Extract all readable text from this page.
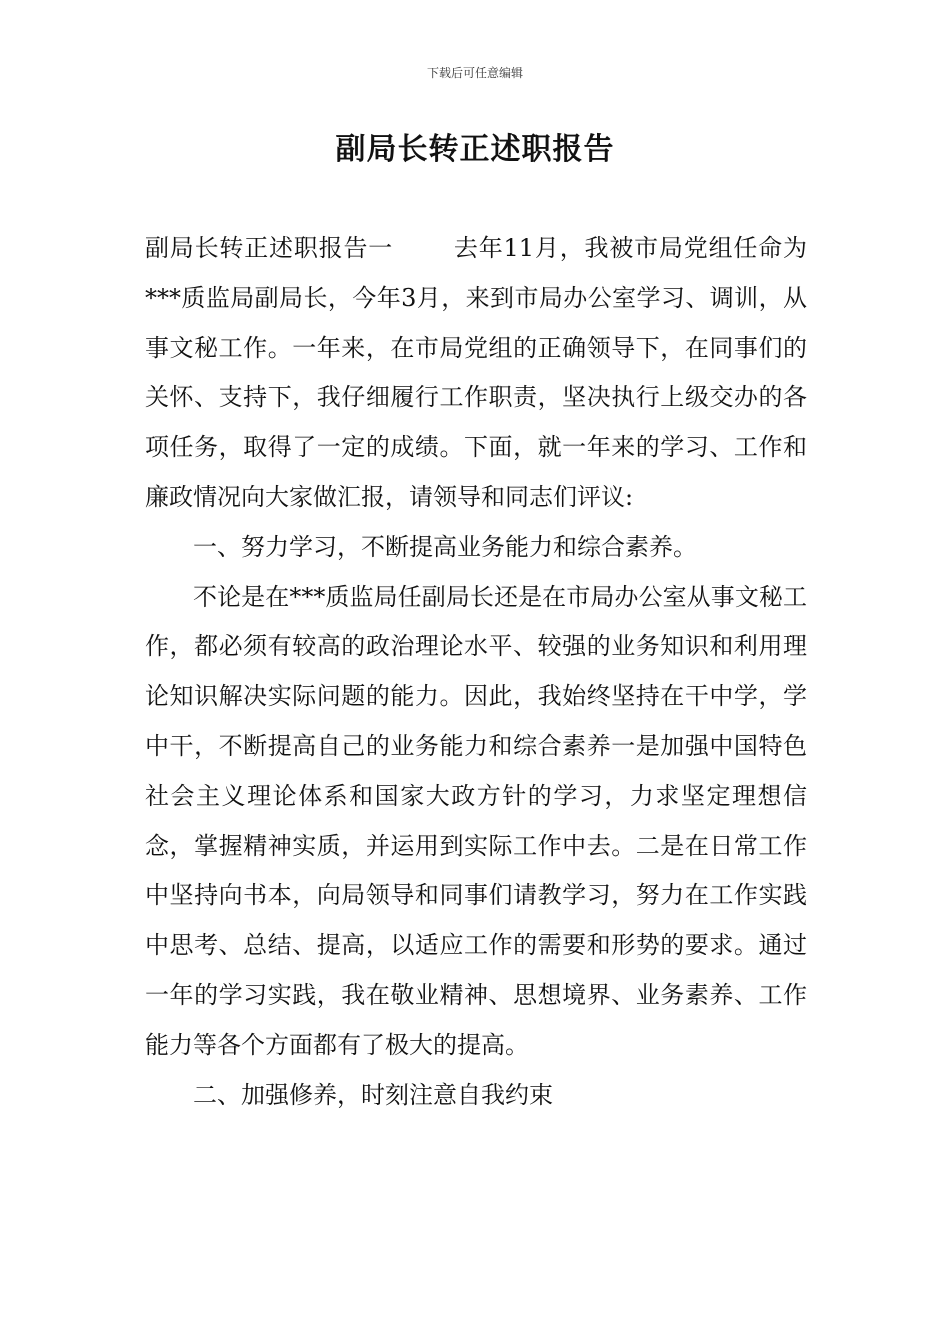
下载后可任意编辑
副局长转正述职报告

副局长转正述职报告一	去年11月，我被市局党组任命为***质监局副局长，今年3月，来到市局办公室学习、调训，从事文秘工作。一年来，在市局党组的正确领导下，在同事们的关怀、支持下，我仔细履行工作职责，坚决执行上级交办的各项任务，取得了一定的成绩。下面，就一年来的学习、工作和廉政情况向大家做汇报，请领导和同志们评议:

一、努力学习，不断提高业务能力和综合素养。

不论是在***质监局任副局长还是在市局办公室从事文秘工作，都必须有较高的政治理论水平、较强的业务知识和利用理论知识解决实际问题的能力。因此，我始终坚持在干中学，学中干，不断提高自己的业务能力和综合素养一是加强中国特色社会主义理论体系和国家大政方针的学习，力求坚定理想信念，掌握精神实质，并运用到实际工作中去。二是在日常工作中坚持向书本，向局领导和同事们请教学习，努力在工作实践中思考、总结、提高，以适应工作的需要和形势的要求。通过一年的学习实践，我在敬业精神、思想境界、业务素养、工作能力等各个方面都有了极大的提高。

二、加强修养，时刻注意自我约束
